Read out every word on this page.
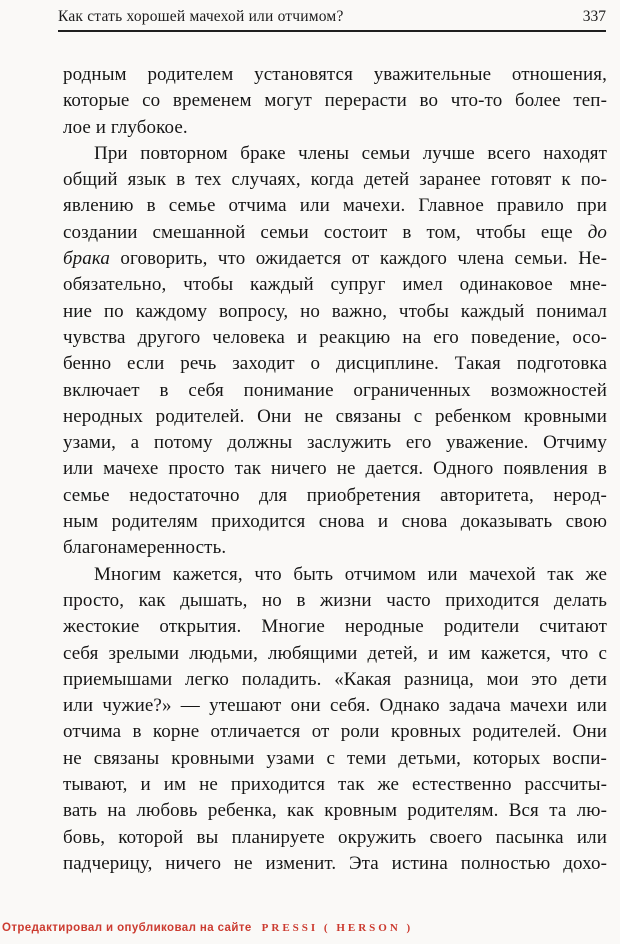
Как стать хорошей мачехой или отчимом?	337
родным родителем установятся уважительные отношения,
которые со временем могут перерасти во что-то более теп-
лое и глубокое.
При повторном браке члены семьи лучше всего находят
общий язык в тех случаях, когда детей заранее готовят к по-
явлению в семье отчима или мачехи. Главное правило при
создании смешанной семьи состоит в том, чтобы еще до
брака оговорить, что ожидается от каждого члена семьи. Не-
обязательно, чтобы каждый супруг имел одинаковое мне-
ние по каждому вопросу, но важно, чтобы каждый понимал
чувства другого человека и реакцию на его поведение, осо-
бенно если речь заходит о дисциплине. Такая подготовка
включает в себя понимание ограниченных возможностей
неродных родителей. Они не связаны с ребенком кровными
узами, а потому должны заслужить его уважение. Отчиму
или мачехе просто так ничего не дается. Одного появления в
семье недостаточно для приобретения авторитета, нерод-
ным родителям приходится снова и снова доказывать свою
благонамеренность.
Многим кажется, что быть отчимом или мачехой так же
просто, как дышать, но в жизни часто приходится делать
жестокие открытия. Многие неродные родители считают
себя зрелыми людьми, любящими детей, и им кажется, что с
приемышами легко поладить. «Какая разница, мои это дети
или чужие?» — утешают они себя. Однако задача мачехи или
отчима в корне отличается от роли кровных родителей. Они
не связаны кровными узами с теми детьми, которых воспи-
тывают, и им не приходится так же естественно рассчиты-
вать на любовь ребенка, как кровным родителям. Вся та лю-
бовь, которой вы планируете окружить своего пасынка или
падчерицу, ничего не изменит. Эта истина полностью дохо-
Отредактировал и опубликовал на сайте PRESSI ( HERSON )
